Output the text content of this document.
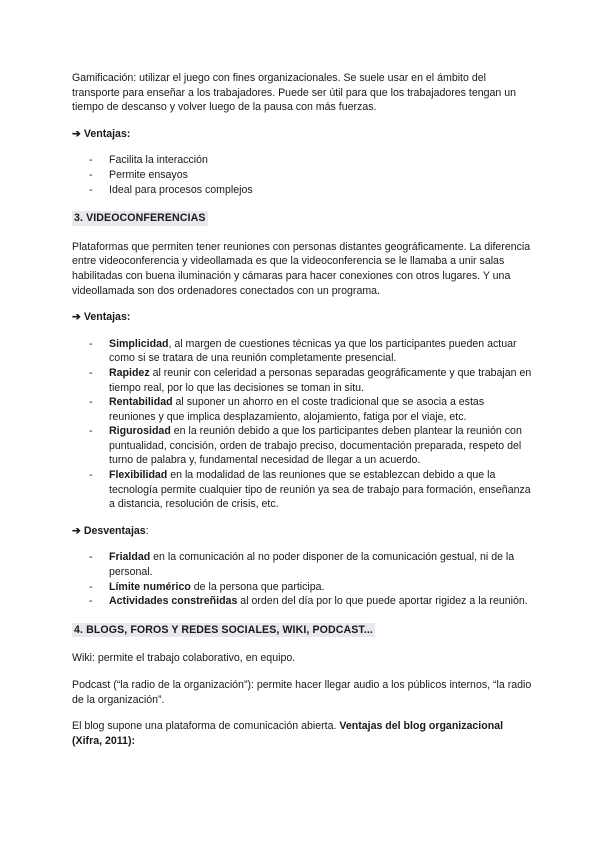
Gamificación: utilizar el juego con fines organizacionales. Se suele usar en el ámbito del transporte para enseñar a los trabajadores. Puede ser útil para que los trabajadores tengan un tiempo de descanso y volver luego de la pausa con más fuerzas.

➔ Ventajas:

- Facilita la interacción
- Permite ensayos
- Ideal para procesos complejos

3. VIDEOCONFERENCIAS

Plataformas que permiten tener reuniones con personas distantes geográficamente. La diferencia entre videoconferencia y videollamada es que la videoconferencia se le llamaba a unir salas habilitadas con buena iluminación y cámaras para hacer conexiones con otros lugares. Y una videollamada son dos ordenadores conectados con un programa.

➔ Ventajas:

- Simplicidad, al margen de cuestiones técnicas ya que los participantes pueden actuar como si se tratara de una reunión completamente presencial.
- Rapidez al reunir con celeridad a personas separadas geográficamente y que trabajan en tiempo real, por lo que las decisiones se toman in situ.
- Rentabilidad al suponer un ahorro en el coste tradicional que se asocia a estas reuniones y que implica desplazamiento, alojamiento, fatiga por el viaje, etc.
- Rigurosidad en la reunión debido a que los participantes deben plantear la reunión con puntualidad, concisión, orden de trabajo preciso, documentación preparada, respeto del turno de palabra y, fundamental necesidad de llegar a un acuerdo.
- Flexibilidad en la modalidad de las reuniones que se establezcan debido a que la tecnología permite cualquier tipo de reunión ya sea de trabajo para formación, enseñanza a distancia, resolución de crisis, etc.

➔ Desventajas:

- Frialdad en la comunicación al no poder disponer de la comunicación gestual, ni de la personal.
- Límite numérico de la persona que participa.
- Actividades constreñidas al orden del día por lo que puede aportar rigidez a la reunión.

4. BLOGS, FOROS Y REDES SOCIALES, WIKI, PODCAST...

Wiki: permite el trabajo colaborativo, en equipo.

Podcast (“la radio de la organización”): permite hacer llegar audio a los públicos internos, “la radio de la organización”.

El blog supone una plataforma de comunicación abierta. Ventajas del blog organizacional (Xifra, 2011):
